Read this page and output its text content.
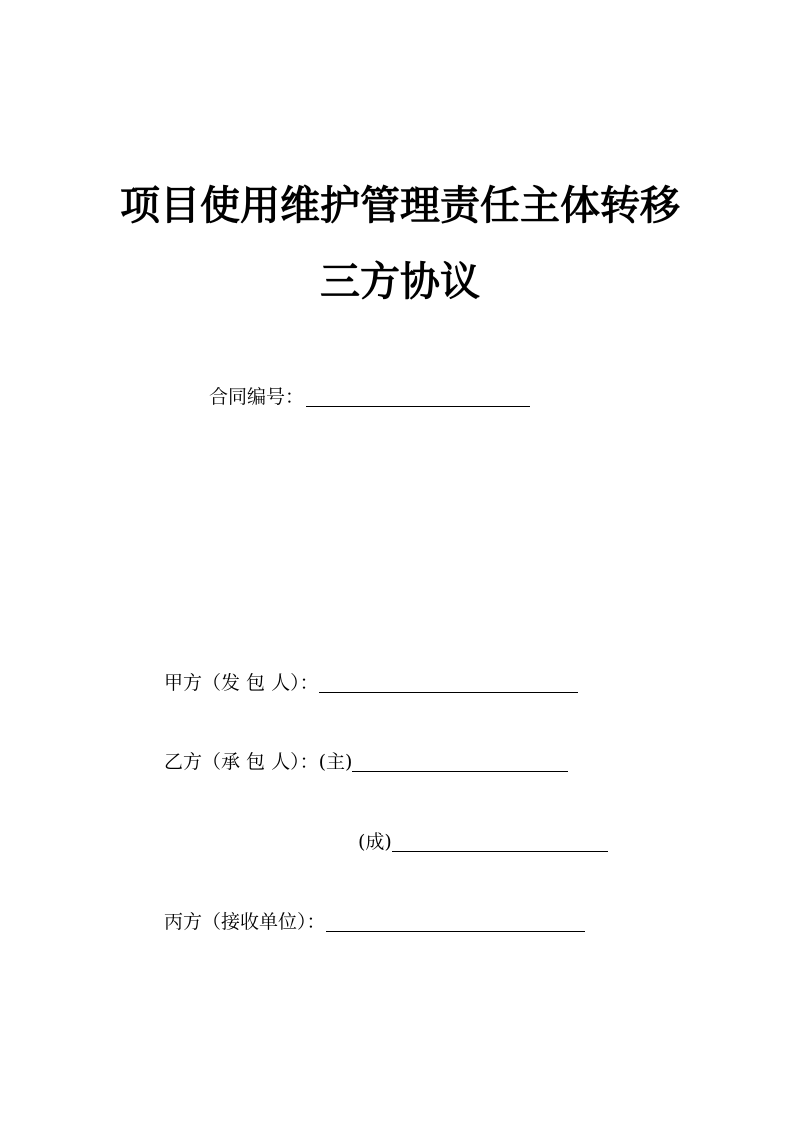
项目使用维护管理责任主体转移
三方协议
合同编号：
甲方（发 包 人）：
乙方（承 包 人）： (主)
(成)
丙方（接收单位）：
